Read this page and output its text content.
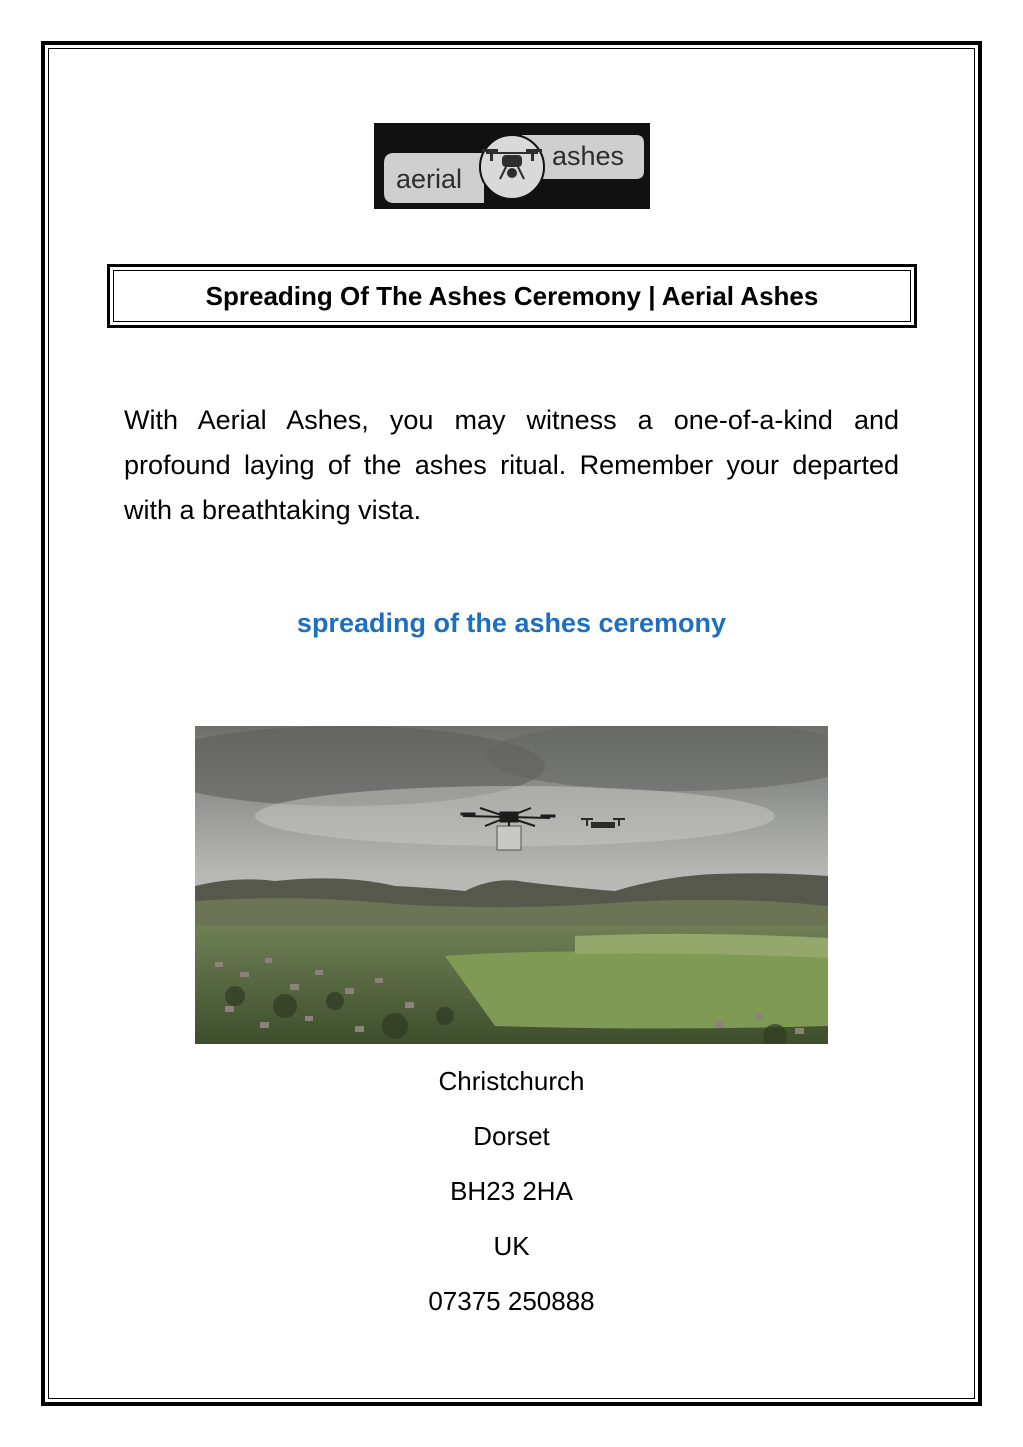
aerial
ashes
Spreading Of The Ashes Ceremony | Aerial Ashes
With Aerial Ashes, you may witness a one-of-a-kind and profound laying of the ashes ritual. Remember your departed with a breathtaking vista.
spreading of the ashes ceremony
Christchurch
Dorset
BH23 2HA
UK
07375 250888
